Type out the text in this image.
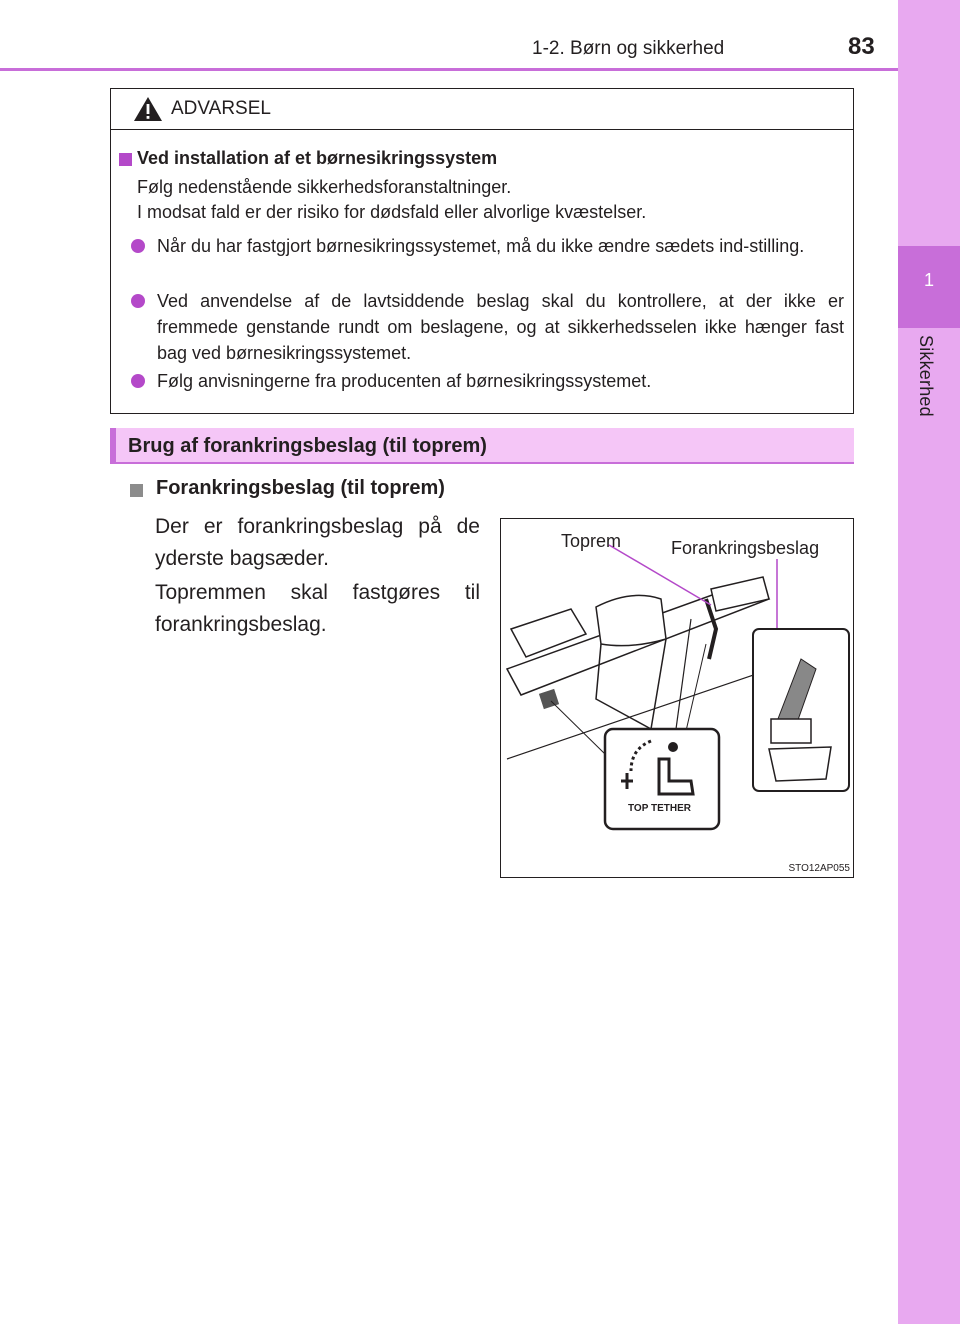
1
Sikkerhed
1-2. Børn og sikkerhed	83
ADVARSEL
Ved installation af et børnesikringssystem
Følg nedenstående sikkerhedsforanstaltninger.
I modsat fald er der risiko for dødsfald eller alvorlige kvæstelser.
Når du har fastgjort børnesikringssystemet, må du ikke ændre sædets ind-stilling.
Ved anvendelse af de lavtsiddende beslag skal du kontrollere, at der ikke er fremmede genstande rundt om beslagene, og at sikkerhedsselen ikke hænger fast bag ved børnesikringssystemet.
Følg anvisningerne fra producenten af børnesikringssystemet.
Brug af forankringsbeslag (til toprem)
Forankringsbeslag (til toprem)
Der er forankringsbeslag på de yderste bagsæder.
Topremmen skal fastgøres til forankringsbeslag.
Toprem	Forankringsbeslag
TOP TETHER
STO12AP055
